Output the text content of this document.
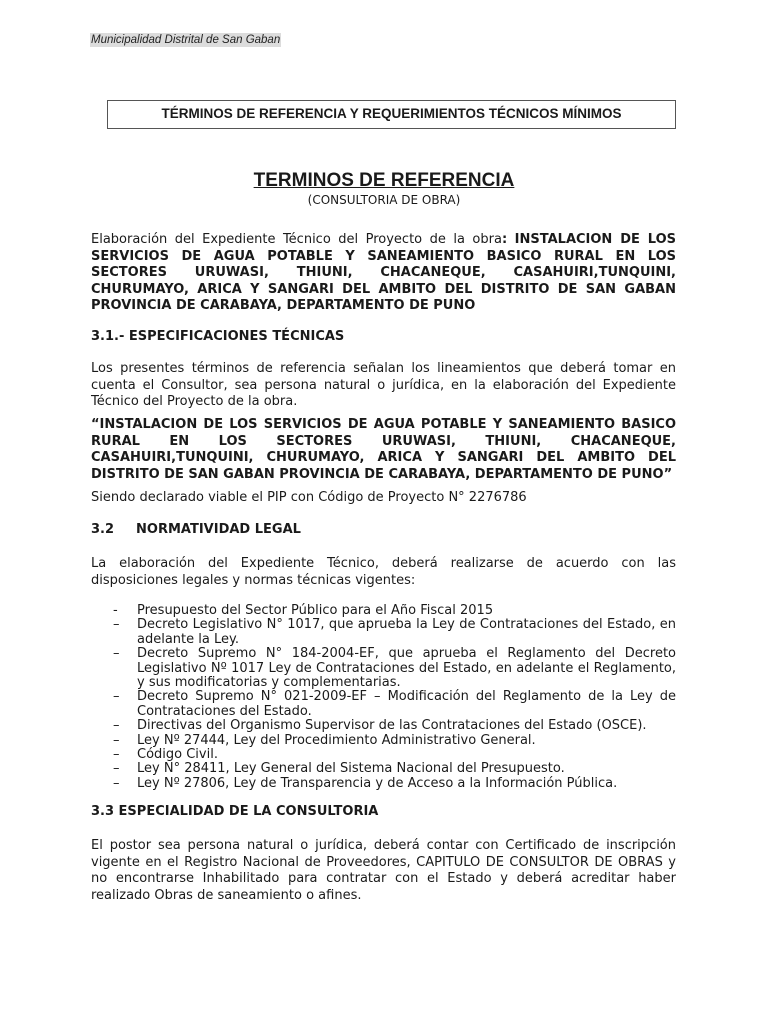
Municipalidad Distrital de San Gaban
TÉRMINOS DE REFERENCIA Y REQUERIMIENTOS TÉCNICOS MÍNIMOS
TERMINOS DE REFERENCIA
(CONSULTORIA DE OBRA)
Elaboración del Expediente Técnico del Proyecto de la obra: INSTALACION DE LOS
SERVICIOS DE AGUA POTABLE Y SANEAMIENTO BASICO RURAL EN LOS
SECTORES URUWASI, THIUNI, CHACANEQUE, CASAHUIRI,TUNQUINI,
CHURUMAYO, ARICA Y SANGARI DEL AMBITO DEL DISTRITO DE SAN GABAN
PROVINCIA DE CARABAYA, DEPARTAMENTO DE PUNO
3.1.- ESPECIFICACIONES TÉCNICAS
Los presentes términos de referencia señalan los lineamientos que deberá tomar en cuenta el Consultor, sea persona natural o jurídica, en la elaboración del Expediente Técnico del Proyecto de la obra.
“INSTALACION DE LOS SERVICIOS DE AGUA POTABLE Y SANEAMIENTO BASICO
RURAL EN LOS SECTORES URUWASI, THIUNI, CHACANEQUE,
CASAHUIRI,TUNQUINI, CHURUMAYO, ARICA Y SANGARI DEL AMBITO DEL
DISTRITO DE SAN GABAN PROVINCIA DE CARABAYA, DEPARTAMENTO DE PUNO”
Siendo declarado viable el PIP con Código de Proyecto N° 2276786
3.2 NORMATIVIDAD LEGAL
La elaboración del Expediente Técnico, deberá realizarse de acuerdo con las disposiciones legales y normas técnicas vigentes:
- Presupuesto del Sector Público para el Año Fiscal 2015
– Decreto Legislativo N° 1017, que aprueba la Ley de Contrataciones del Estado, en adelante la Ley.
– Decreto Supremo N° 184-2004-EF, que aprueba el Reglamento del Decreto Legislativo Nº 1017 Ley de Contrataciones del Estado, en adelante el Reglamento, y sus modificatorias y complementarias.
– Decreto Supremo N° 021-2009-EF – Modificación del Reglamento de la Ley de Contrataciones del Estado.
– Directivas del Organismo Supervisor de las Contrataciones del Estado (OSCE).
– Ley Nº 27444, Ley del Procedimiento Administrativo General.
– Código Civil.
– Ley N° 28411, Ley General del Sistema Nacional del Presupuesto.
– Ley Nº 27806, Ley de Transparencia y de Acceso a la Información Pública.
3.3 ESPECIALIDAD DE LA CONSULTORIA
El postor sea persona natural o jurídica, deberá contar con Certificado de inscripción vigente en el Registro Nacional de Proveedores, CAPITULO DE CONSULTOR DE OBRAS y no encontrarse Inhabilitado para contratar con el Estado y deberá acreditar haber realizado Obras de saneamiento o afines.
